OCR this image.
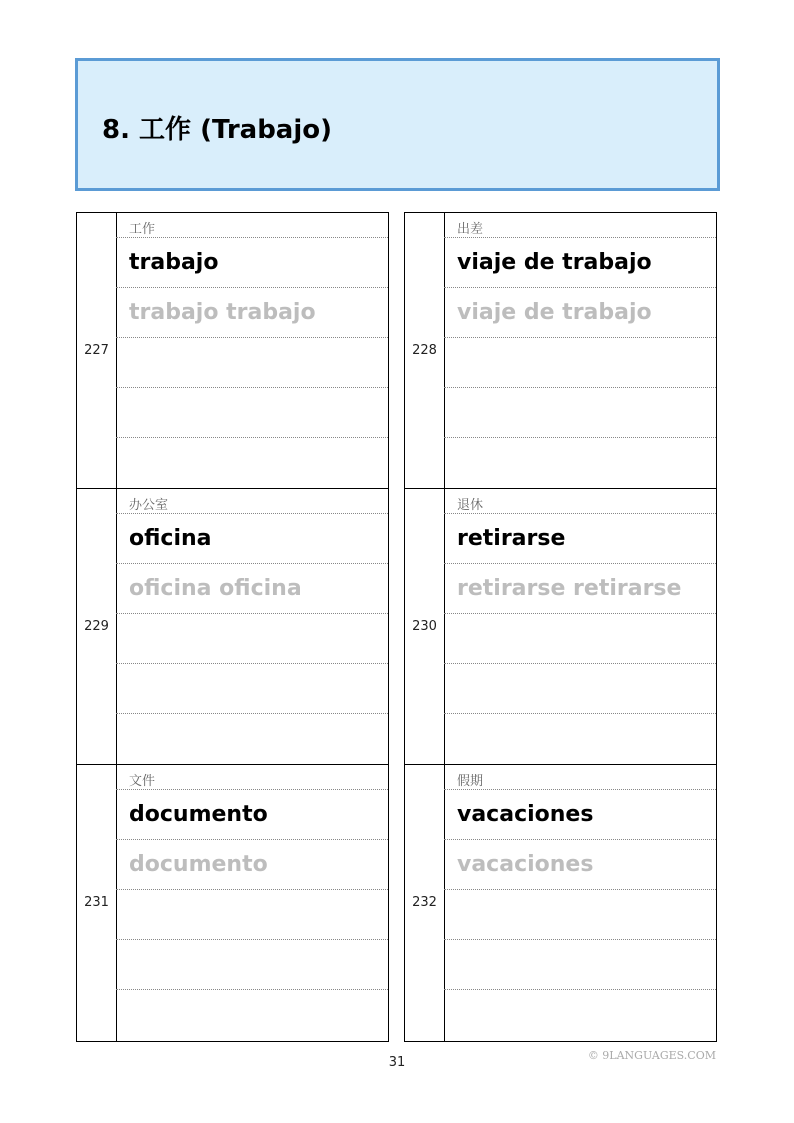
8. 工作 (Trabajo)
227
工作
trabajo
trabajo trabajo
228
出差
viaje de trabajo
viaje de trabajo
229
办公室
oficina
oficina oficina
230
退休
retirarse
retirarse retirarse
231
文件
documento
documento
232
假期
vacaciones
vacaciones
31	© 9LANGUAGES.COM
